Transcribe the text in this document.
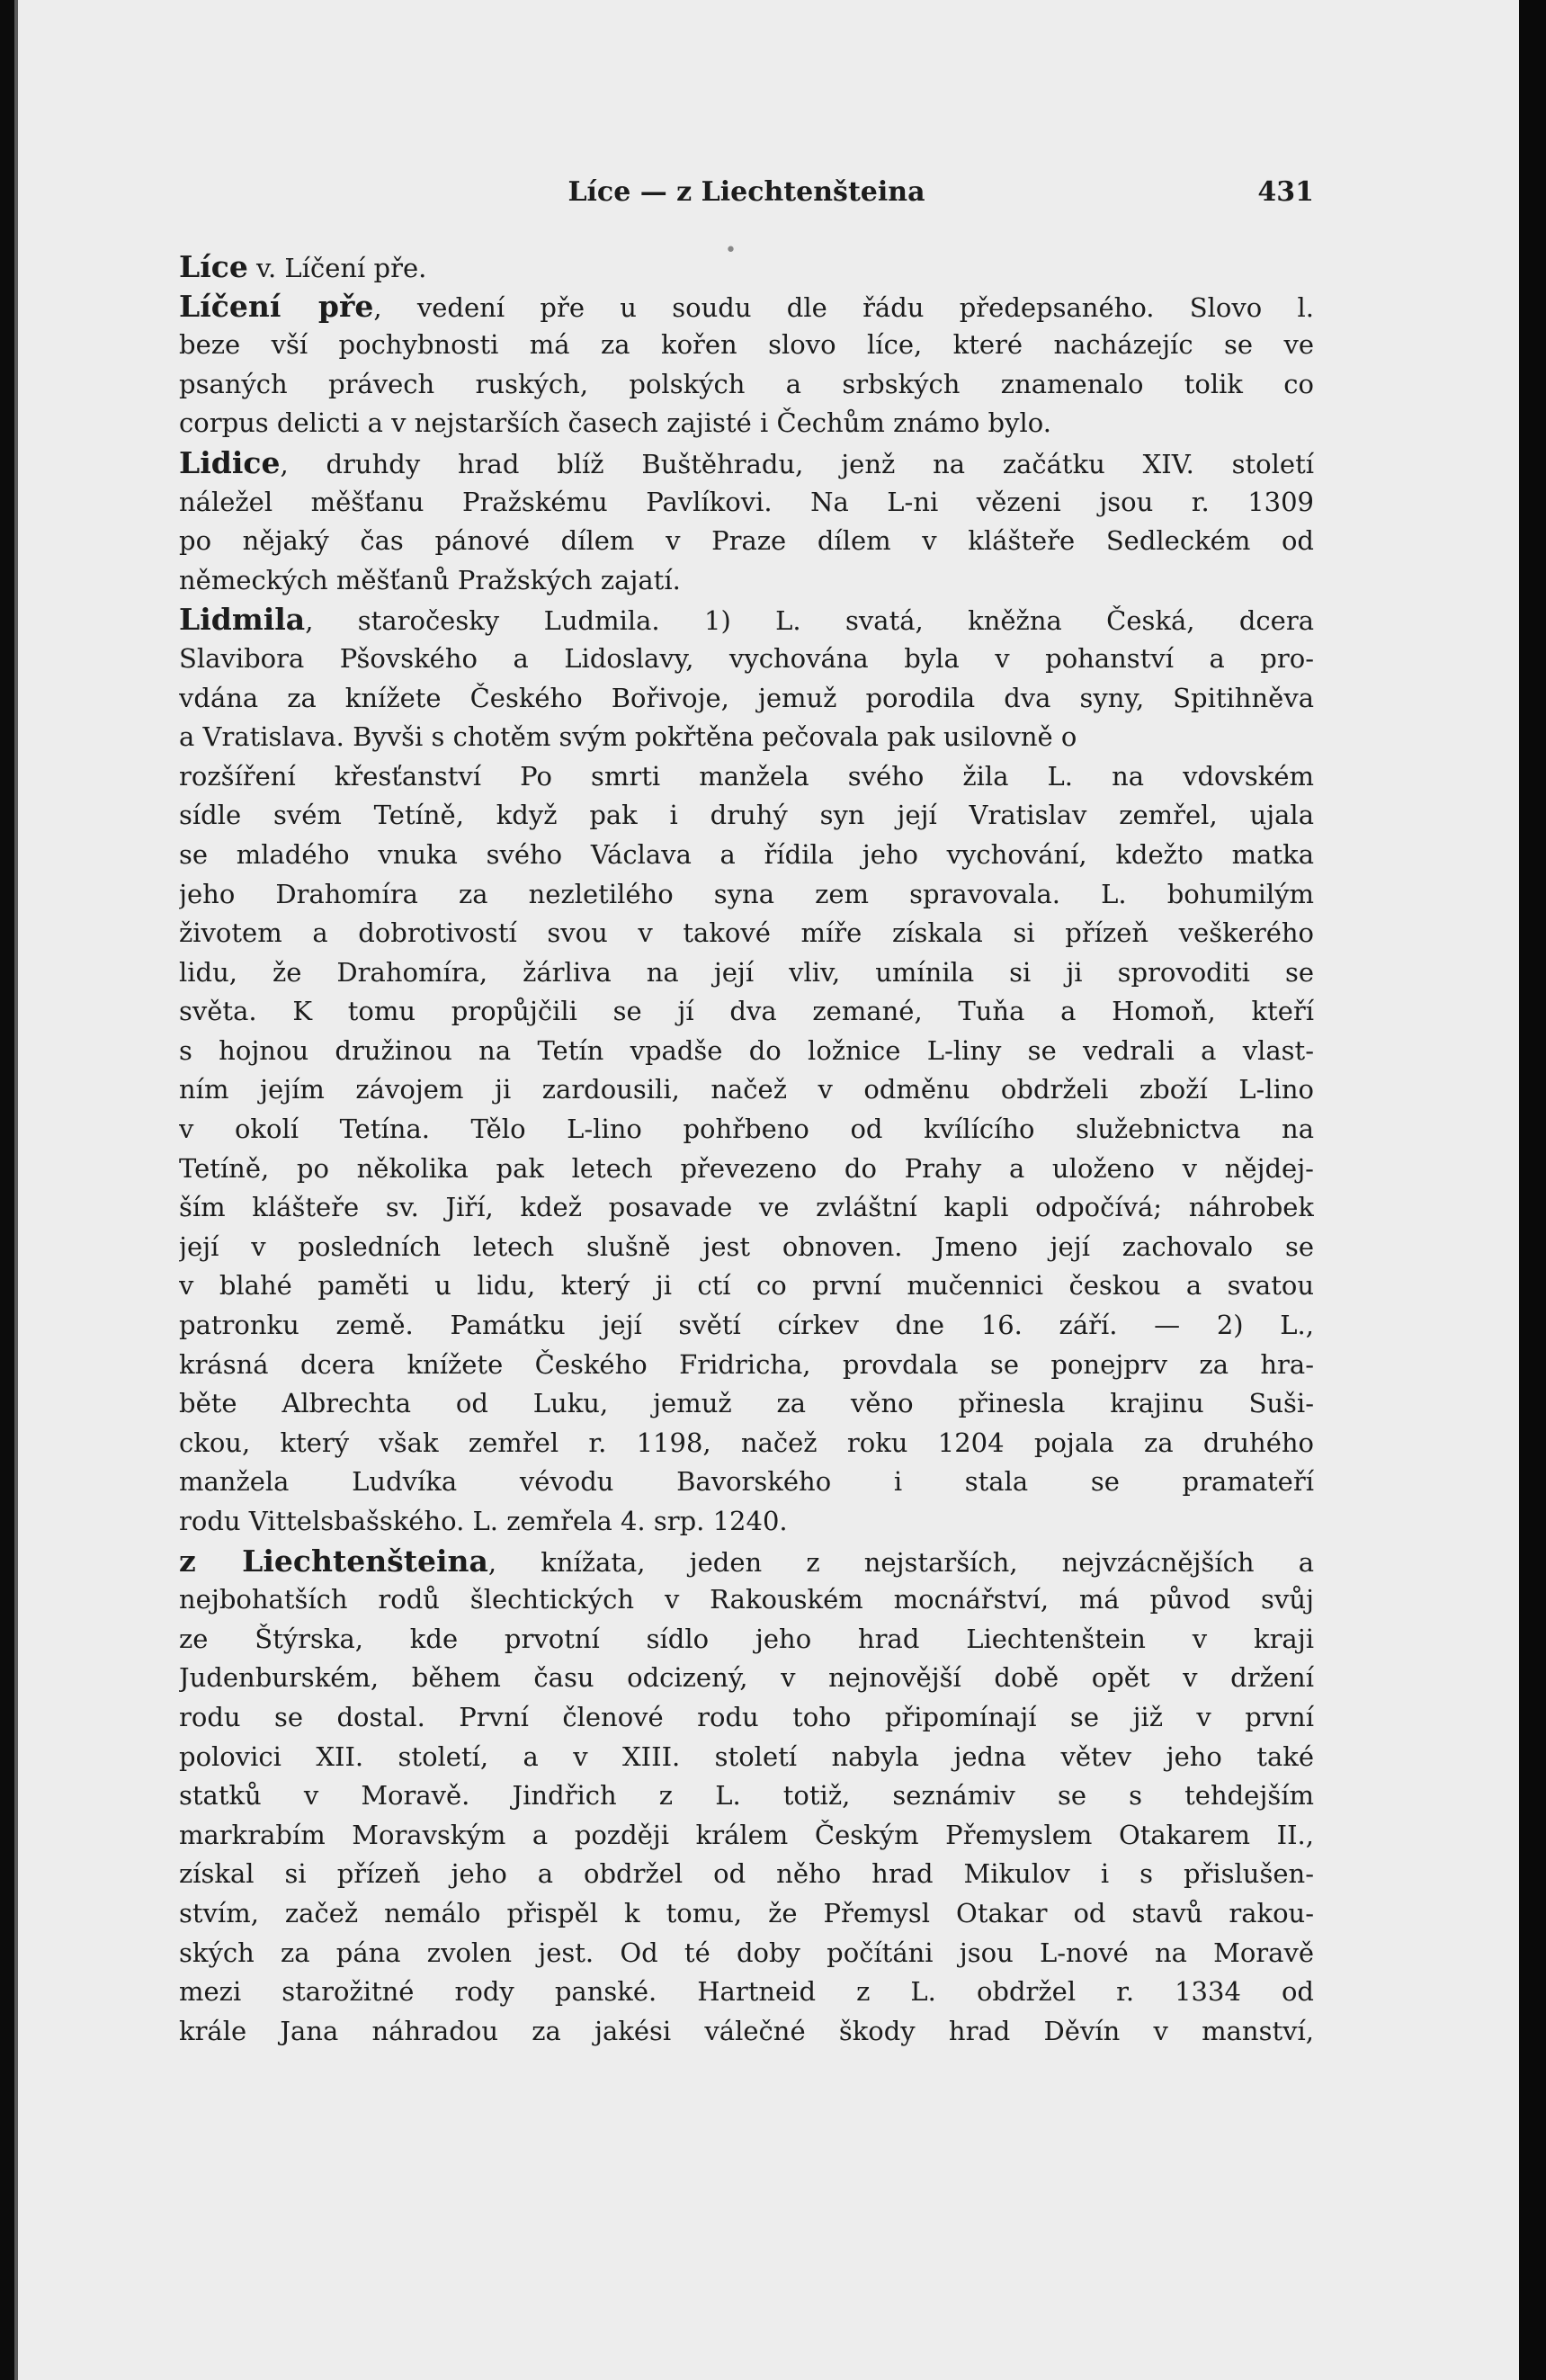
Líce — z Liechtenšteina	431
•
Líce v. Líčení pře.
Líčení pře, vedení pře u soudu dle řádu předepsaného. Slovo l.
beze vší pochybnosti má za kořen slovo líce, které nacházejíc se ve
psaných právech ruských, polských a srbských znamenalo tolik co
corpus delicti a v nejstarších časech zajisté i Čechům známo bylo.
Lidice, druhdy hrad blíž Buštěhradu, jenž na začátku XIV. století
náležel měšťanu Pražskému Pavlíkovi. Na L-ni vězeni jsou r. 1309
po nějaký čas pánové dílem v Praze dílem v klášteře Sedleckém od
německých měšťanů Pražských zajatí.
Lidmila, staročesky Ludmila. 1) L. svatá, kněžna Česká, dcera
Slavibora Pšovského a Lidoslavy, vychována byla v pohanství a pro-
vdána za knížete Českého Bořivoje, jemuž porodila dva syny, Spitihněva
a Vratislava. Byvši s chotěm svým pokřtěna pečovala pak usilovně o
rozšíření křesťanství Po smrti manžela svého žila L. na vdovském
sídle svém Tetíně, když pak i druhý syn její Vratislav zemřel, ujala
se mladého vnuka svého Václava a řídila jeho vychování, kdežto matka
jeho Drahomíra za nezletilého syna zem spravovala. L. bohumilým
životem a dobrotivostí svou v takové míře získala si přízeň veškerého
lidu, že Drahomíra, žárliva na její vliv, umínila si ji sprovoditi se
světa. K tomu propůjčili se jí dva zemané, Tuňa a Homoň, kteří
s hojnou družinou na Tetín vpadše do ložnice L-liny se vedrali a vlast-
ním jejím závojem ji zardousili, načež v odměnu obdrželi zboží L-lino
v okolí Tetína. Tělo L-lino pohřbeno od kvílícího služebnictva na
Tetíně, po několika pak letech převezeno do Prahy a uloženo v nějdej-
ším klášteře sv. Jiří, kdež posavade ve zvláštní kapli odpočívá; náhrobek
její v posledních letech slušně jest obnoven. Jmeno její zachovalo se
v blahé paměti u lidu, který ji ctí co první mučennici českou a svatou
patronku země. Památku její světí církev dne 16. září. — 2) L.,
krásná dcera knížete Českého Fridricha, provdala se ponejprv za hra-
běte Albrechta od Luku, jemuž za věno přinesla krajinu Suši-
ckou, který však zemřel r. 1198, načež roku 1204 pojala za druhého
manžela Ludvíka vévodu Bavorského i stala se pramateří
rodu Vittelsbašského. L. zemřela 4. srp. 1240.
z Liechtenšteina, knížata, jeden z nejstarších, nejvzácnějších a
nejbohatších rodů šlechtických v Rakouském mocnářství, má původ svůj
ze Štýrska, kde prvotní sídlo jeho hrad Liechtenštein v kraji
Judenburském, během času odcizený, v nejnovější době opět v držení
rodu se dostal. První členové rodu toho připomínají se již v první
polovici XII. století, a v XIII. století nabyla jedna větev jeho také
statků v Moravě. Jindřich z L. totiž, seznámiv se s tehdejším
markrabím Moravským a později králem Českým Přemyslem Otakarem II.,
získal si přízeň jeho a obdržel od něho hrad Mikulov i s přislušen-
stvím, začež nemálo přispěl k tomu, že Přemysl Otakar od stavů rakou-
ských za pána zvolen jest. Od té doby počítáni jsou L-nové na Moravě
mezi starožitné rody panské. Hartneid z L. obdržel r. 1334 od
krále Jana náhradou za jakési válečné škody hrad Děvín v manství,
